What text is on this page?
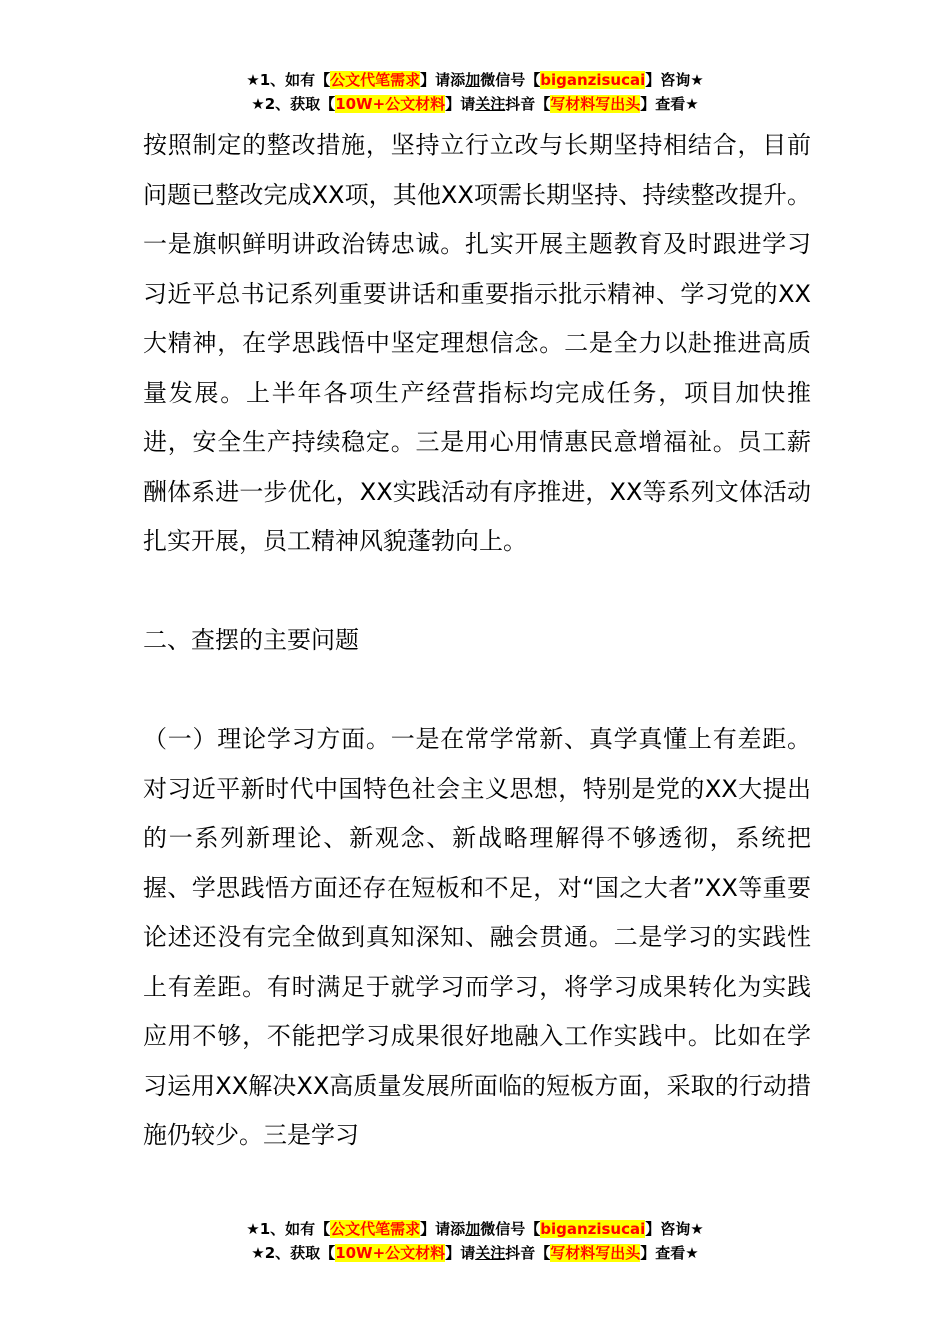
★1、如有【公文代笔需求】请添加微信号【biganzisucai】咨询★
★2、获取【10W+公文材料】请关注抖音【写材料写出头】查看★

按照制定的整改措施，坚持立行立改与长期坚持相结合，目前问题已整改完成XX项，其他XX项需长期坚持、持续整改提升。一是旗帜鲜明讲政治铸忠诚。扎实开展主题教育及时跟进学习习近平总书记系列重要讲话和重要指示批示精神、学习党的XX大精神，在学思践悟中坚定理想信念。二是全力以赴推进高质量发展。上半年各项生产经营指标均完成任务，项目加快推进，安全生产持续稳定。三是用心用情惠民意增福祉。员工薪酬体系进一步优化，XX实践活动有序推进，XX等系列文体活动扎实开展，员工精神风貌蓬勃向上。

二、查摆的主要问题

（一）理论学习方面。一是在常学常新、真学真懂上有差距。对习近平新时代中国特色社会主义思想，特别是党的XX大提出的一系列新理论、新观念、新战略理解得不够透彻，系统把握、学思践悟方面还存在短板和不足，对“国之大者”XX等重要论述还没有完全做到真知深知、融会贯通。二是学习的实践性上有差距。有时满足于就学习而学习，将学习成果转化为实践应用不够，不能把学习成果很好地融入工作实践中。比如在学习运用XX解决XX高质量发展所面临的短板方面，采取的行动措施仍较少。三是学习

★1、如有【公文代笔需求】请添加微信号【biganzisucai】咨询★
★2、获取【10W+公文材料】请关注抖音【写材料写出头】查看★
